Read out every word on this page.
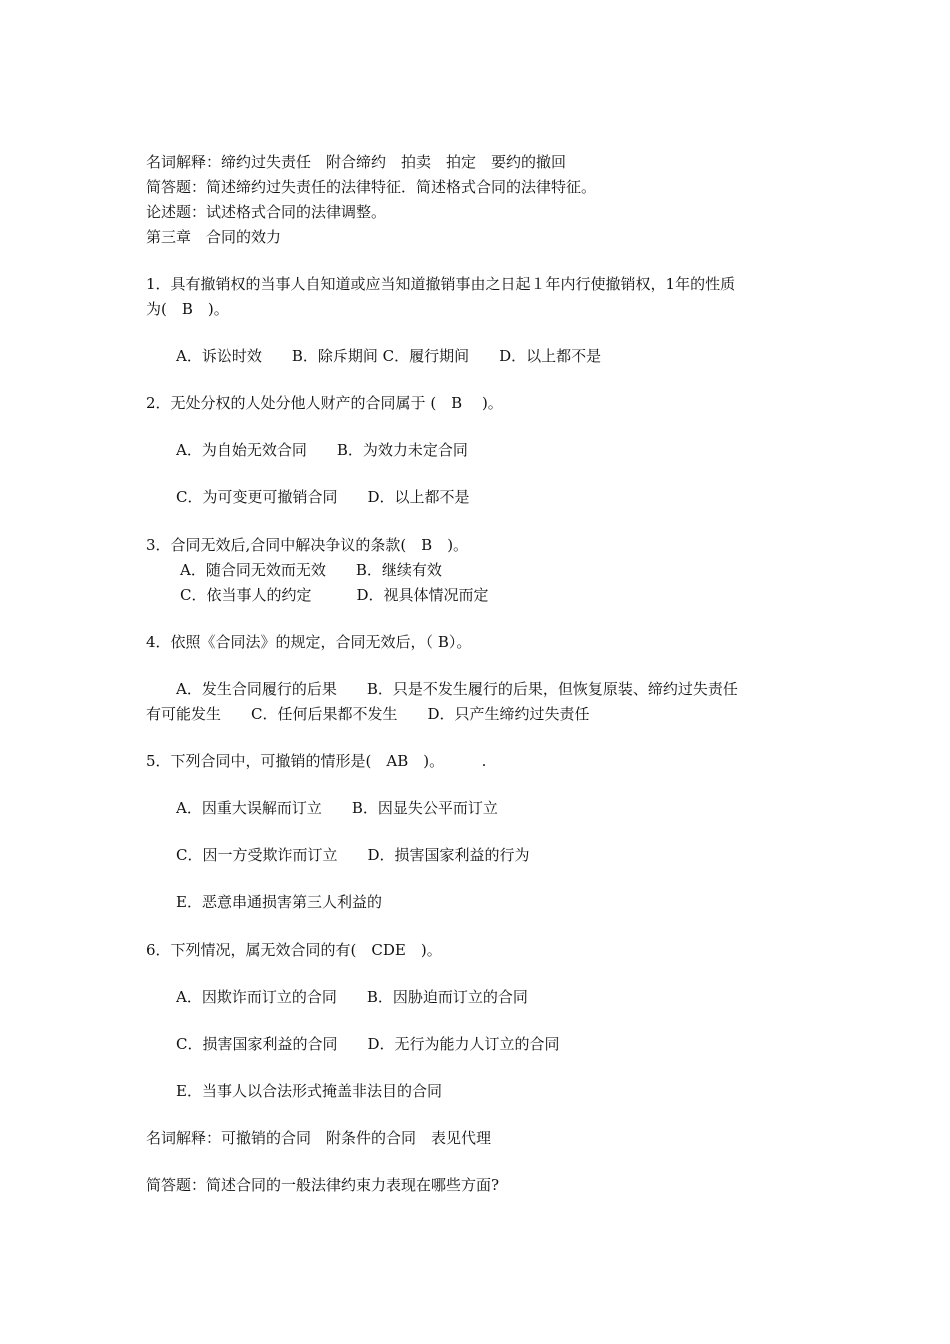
名词解释：缔约过失责任　附合缔约　拍卖　拍定　要约的撤回
简答题：简述缔约过失责任的法律特征．简述格式合同的法律特征。
论述题：试述格式合同的法律调整。
第三章　合同的效力
1．具有撤销权的当事人自知道或应当知道撤销事由之日起１年内行使撤销权，1年的性质
为(　B　)。
A．诉讼时效　　B．除斥期间 C．履行期间　　D．以上都不是
2．无处分权的人处分他人财产的合同属于 (　B　 )。
A．为自始无效合同　　B．为效力未定合同
C．为可变更可撤销合同　　D．以上都不是
3．合同无效后,合同中解决争议的条款(　B　)。
A．随合同无效而无效　　B．继续有效
C．依当事人的约定　　　D．视具体情况而定
4．依照《合同法》的规定，合同无效后，（ B）。
A．发生合同履行的后果　　B．只是不发生履行的后果，但恢复原装、缔约过失责任
有可能发生　　C．任何后果都不发生　　D．只产生缔约过失责任
5．下列合同中，可撤销的情形是(　AB　)。　　　.
A．因重大误解而订立　　B．因显失公平而订立
C．因一方受欺诈而订立　　D．损害国家利益的行为
E．恶意串通损害第三人利益的
6．下列情况，属无效合同的有(　CDE　)。
A．因欺诈而订立的合同　　B．因胁迫而订立的合同
C．损害国家利益的合同　　D．无行为能力人订立的合同
E．当事人以合法形式掩盖非法目的合同
名词解释：可撤销的合同　附条件的合同　表见代理
简答题：简述合同的一般法律约束力表现在哪些方面?
